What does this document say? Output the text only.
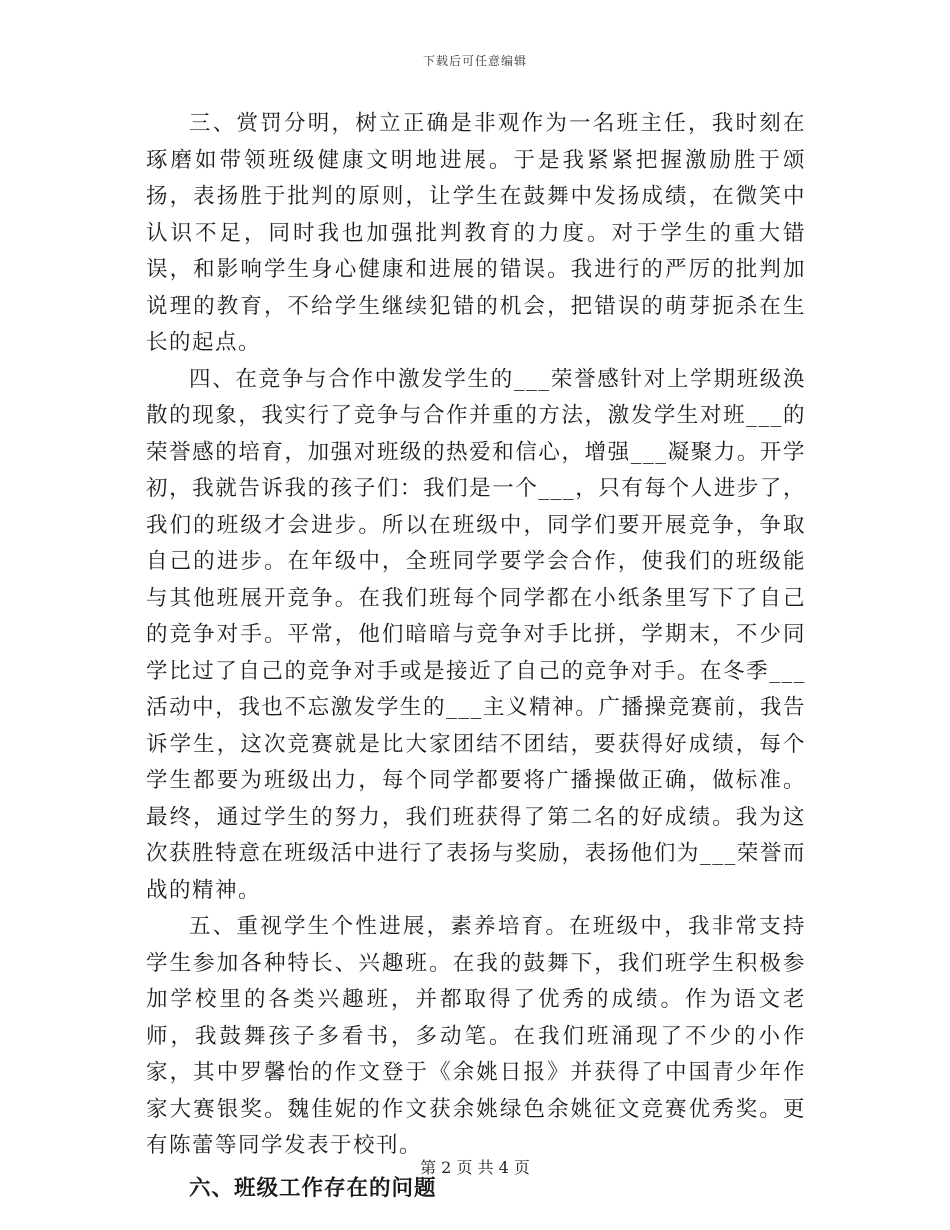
下载后可任意编辑

三、赏罚分明，树立正确是非观作为一名班主任，我时刻在琢磨如带领班级健康文明地进展。于是我紧紧把握激励胜于颂扬，表扬胜于批判的原则，让学生在鼓舞中发扬成绩，在微笑中认识不足，同时我也加强批判教育的力度。对于学生的重大错误，和影响学生身心健康和进展的错误。我进行的严厉的批判加说理的教育，不给学生继续犯错的机会，把错误的萌芽扼杀在生长的起点。

四、在竞争与合作中激发学生的___荣誉感针对上学期班级涣散的现象，我实行了竞争与合作并重的方法，激发学生对班___的荣誉感的培育，加强对班级的热爱和信心，增强___凝聚力。开学初，我就告诉我的孩子们：我们是一个___，只有每个人进步了，我们的班级才会进步。所以在班级中，同学们要开展竞争，争取自己的进步。在年级中，全班同学要学会合作，使我们的班级能与其他班展开竞争。在我们班每个同学都在小纸条里写下了自己的竞争对手。平常，他们暗暗与竞争对手比拼，学期末，不少同学比过了自己的竞争对手或是接近了自己的竞争对手。在冬季___活动中，我也不忘激发学生的___主义精神。广播操竞赛前，我告诉学生，这次竞赛就是比大家团结不团结，要获得好成绩，每个学生都要为班级出力，每个同学都要将广播操做正确，做标准。最终，通过学生的努力，我们班获得了第二名的好成绩。我为这次获胜特意在班级活中进行了表扬与奖励，表扬他们为___荣誉而战的精神。

五、重视学生个性进展，素养培育。在班级中，我非常支持学生参加各种特长、兴趣班。在我的鼓舞下，我们班学生积极参加学校里的各类兴趣班，并都取得了优秀的成绩。作为语文老师，我鼓舞孩子多看书，多动笔。在我们班涌现了不少的小作家，其中罗馨怡的作文登于《余姚日报》并获得了中国青少年作家大赛银奖。魏佳妮的作文获余姚绿色余姚征文竞赛优秀奖。更有陈蕾等同学发表于校刊。

六、班级工作存在的问题

第 2 页 共 4 页
